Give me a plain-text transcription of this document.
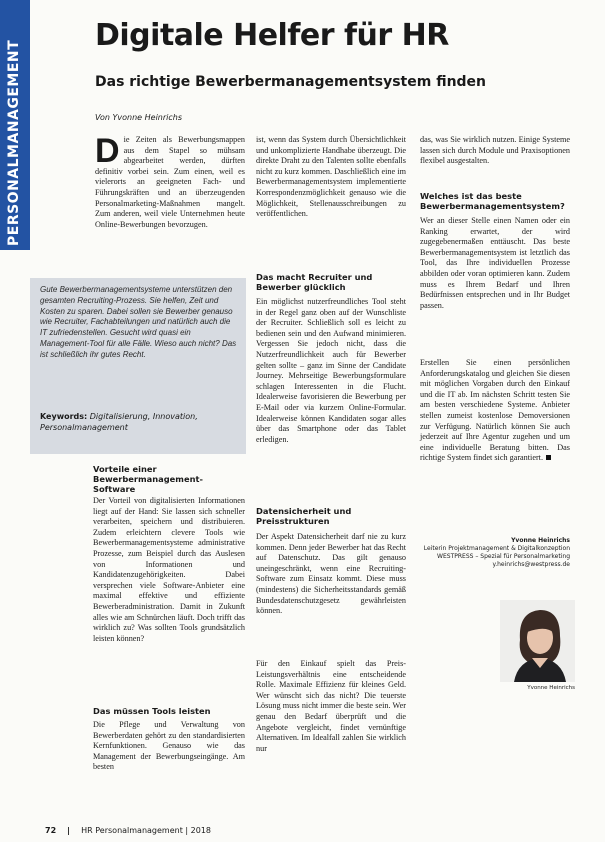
PERSONALMANAGEMENT
Digitale Helfer für HR
Das richtige Bewerbermanagementsystem finden
Von Yvonne Heinrichs

Die Zeiten als Bewerbungsmappen aus dem Stapel so mühsam abgearbeitet werden, dürften definitiv vorbei sein. Zum einen, weil es vielerorts an geeigneten Fach- und Führungskräften und an überzeugenden Personalmarketing-Maßnahmen mangelt. Zum anderen, weil viele Unternehmen heute Online-Bewerbungen bevorzugen.

Gute Bewerbermanagementsysteme unterstützen den gesamten Recruiting-Prozess. Sie helfen, Zeit und Kosten zu sparen. Dabei sollen sie Bewerber genauso wie Recruiter, Fachabteilungen und natürlich auch die IT zufriedenstellen. Gesucht wird quasi ein Management-Tool für alle Fälle. Wieso auch nicht? Das ist schließlich ihr gutes Recht.

Keywords: Digitalisierung, Innovation, Personalmanagement

Vorteile einer Bewerbermanagement-Software

Der Vorteil von digitalisierten Informationen liegt auf der Hand: Sie lassen sich schneller verarbeiten, speichern und distribuieren. Zudem erleichtern clevere Tools wie Bewerbermanagementsysteme administrative Prozesse, zum Beispiel durch das Auslesen von Informationen und Kandidatenzugehörigkeiten. Dabei versprechen viele Software-Anbieter eine maximal effektive und effiziente Bewerberadministration. Damit in Zukunft alles wie am Schnürchen läuft. Doch trifft das wirklich zu? Was sollten Tools grundsätzlich leisten können?

Das müssen Tools leisten

Die Pflege und Verwaltung von Bewerberdaten gehört zu den standardisierten Kernfunktionen. Genauso wie das Management der Bewerbungseingänge. Am besten

ist, wenn das System durch Übersichtlichkeit und unkomplizierte Handhabe überzeugt. Die direkte Draht zu den Talenten sollte ebenfalls nicht zu kurz kommen. Daschließlich eine im Bewerbermanagementsystem implementierte Korrespondenzmöglichkeit genauso wie die Möglichkeit, Stellenausschreibungen zu veröffentlichen.

Das macht Recruiter und Bewerber glücklich

Ein möglichst nutzerfreundliches Tool steht in der Regel ganz oben auf der Wunschliste der Recruiter. Schließlich soll es leicht zu bedienen sein und den Aufwand minimieren. Vergessen Sie jedoch nicht, dass die Nutzerfreundlichkeit auch für Bewerber gelten sollte – ganz im Sinne der Candidate Journey. Mehrseitige Bewerbungsformulare schlagen Interessenten in die Flucht. Idealerweise favorisieren die Bewerbung per E-Mail oder via kurzem Online-Formular. Idealerweise können Kandidaten sogar alles über das Smartphone oder das Tablet erledigen.

Datensicherheit und Preisstrukturen

Der Aspekt Datensicherheit darf nie zu kurz kommen. Denn jeder Bewerber hat das Recht auf Datenschutz. Das gilt genauso uneingeschränkt, wenn eine Recruiting-Software zum Einsatz kommt. Diese muss (mindestens) die Sicherheitsstandards gemäß Bundesdatenschutzgesetz gewährleisten können.

Für den Einkauf spielt das Preis-Leistungsverhältnis eine entscheidende Rolle. Maximale Effizienz für kleines Geld. Wer wünscht sich das nicht? Die teuerste Lösung muss nicht immer die beste sein. Wer genau den Bedarf überprüft und die Angebote vergleicht, findet vernünftige Alternativen. Im Idealfall zahlen Sie wirklich nur

das, was Sie wirklich nutzen. Einige Systeme lassen sich durch Module und Praxisoptionen flexibel ausgestalten.

Welches ist das beste Bewerbermanagementsystem?

Wer an dieser Stelle einen Namen oder ein Ranking erwartet, der wird zugegebenermaßen enttäuscht. Das beste Bewerbermanagementsystem ist letztlich das Tool, das Ihre individuellen Prozesse abbilden oder voran optimieren kann. Zudem muss es Ihrem Bedarf und Ihren Bedürfnissen entsprechen und in Ihr Budget passen.

Erstellen Sie einen persönlichen Anforderungskatalog und gleichen Sie diesen mit möglichen Vorgaben durch den Einkauf und die IT ab. Im nächsten Schritt testen Sie am besten verschiedene Systeme. Anbieter stellen zumeist kostenlose Demoversionen zur Verfügung. Natürlich können Sie auch jederzeit auf Ihre Agentur zugehen und um eine individuelle Beratung bitten. Das richtige System findet sich garantiert.

Yvonne Heinrichs
Leiterin Projektmanagement & Digitalkonzeption
WESTPRESS – Spezial für Personalmarketing
y.heinrichs@westpress.de
Yvonne Heinrichs
72	HR Personalmanagement | 2018
